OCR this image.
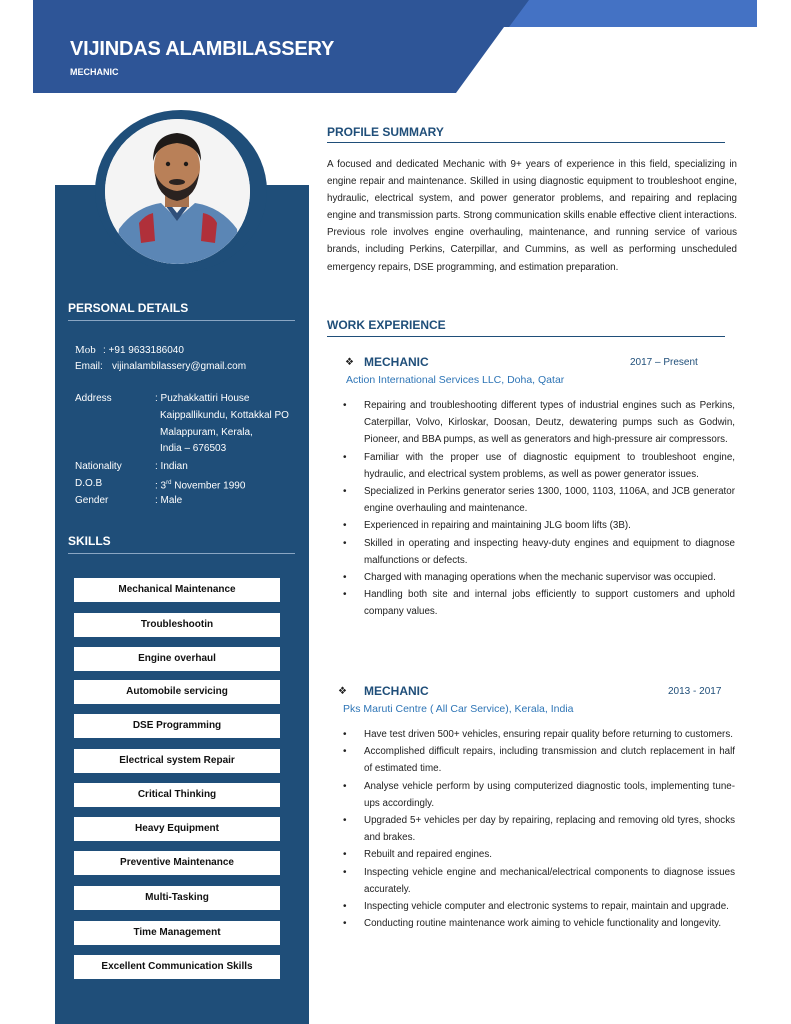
VIJINDAS ALAMBILASSERY
MECHANIC
PERSONAL DETAILS
Mob : +91 9633186040
Email: vijinalambilassery@gmail.com
Address	: Puzhakkattiri House
Kaippallikundu, Kottakkal PO
Malappuram, Kerala,
India – 676503
Nationality	: Indian
D.O.B	: 3rd November 1990
Gender	: Male
SKILLS
Mechanical Maintenance
Troubleshootin
Engine overhaul
Automobile servicing
DSE Programming
Electrical system Repair
Critical Thinking
Heavy Equipment
Preventive Maintenance
Multi-Tasking
Time Management
Excellent Communication Skills
PROFILE SUMMARY
A focused and dedicated Mechanic with 9+ years of experience in this field, specializing in engine repair and maintenance. Skilled in using diagnostic equipment to troubleshoot engine, hydraulic, electrical system, and power generator problems, and repairing and replacing engine and transmission parts. Strong communication skills enable effective client interactions. Previous role involves engine overhauling, maintenance, and running service of various brands, including Perkins, Caterpillar, and Cummins, as well as performing unscheduled emergency repairs, DSE programming, and estimation preparation.
WORK EXPERIENCE
❖ MECHANIC	2017 – Present
Action International Services LLC, Doha, Qatar
• Repairing and troubleshooting different types of industrial engines such as Perkins, Caterpillar, Volvo, Kirloskar, Doosan, Deutz, dewatering pumps such as Godwin, Pioneer, and BBA pumps, as well as generators and high-pressure air compressors.
• Familiar with the proper use of diagnostic equipment to troubleshoot engine, hydraulic, and electrical system problems, as well as power generator issues.
• Specialized in Perkins generator series 1300, 1000, 1103, 1106A, and JCB generator engine overhauling and maintenance.
• Experienced in repairing and maintaining JLG boom lifts (3B).
• Skilled in operating and inspecting heavy-duty engines and equipment to diagnose malfunctions or defects.
• Charged with managing operations when the mechanic supervisor was occupied.
• Handling both site and internal jobs efficiently to support customers and uphold company values.
❖ MECHANIC	2013 - 2017
Pks Maruti Centre ( All Car Service), Kerala, India
• Have test driven 500+ vehicles, ensuring repair quality before returning to customers.
• Accomplished difficult repairs, including transmission and clutch replacement in half of estimated time.
• Analyse vehicle perform by using computerized diagnostic tools, implementing tune-ups accordingly.
• Upgraded 5+ vehicles per day by repairing, replacing and removing old tyres, shocks and brakes.
• Rebuilt and repaired engines.
• Inspecting vehicle engine and mechanical/electrical components to diagnose issues accurately.
• Inspecting vehicle computer and electronic systems to repair, maintain and upgrade.
• Conducting routine maintenance work aiming to vehicle functionality and longevity.
